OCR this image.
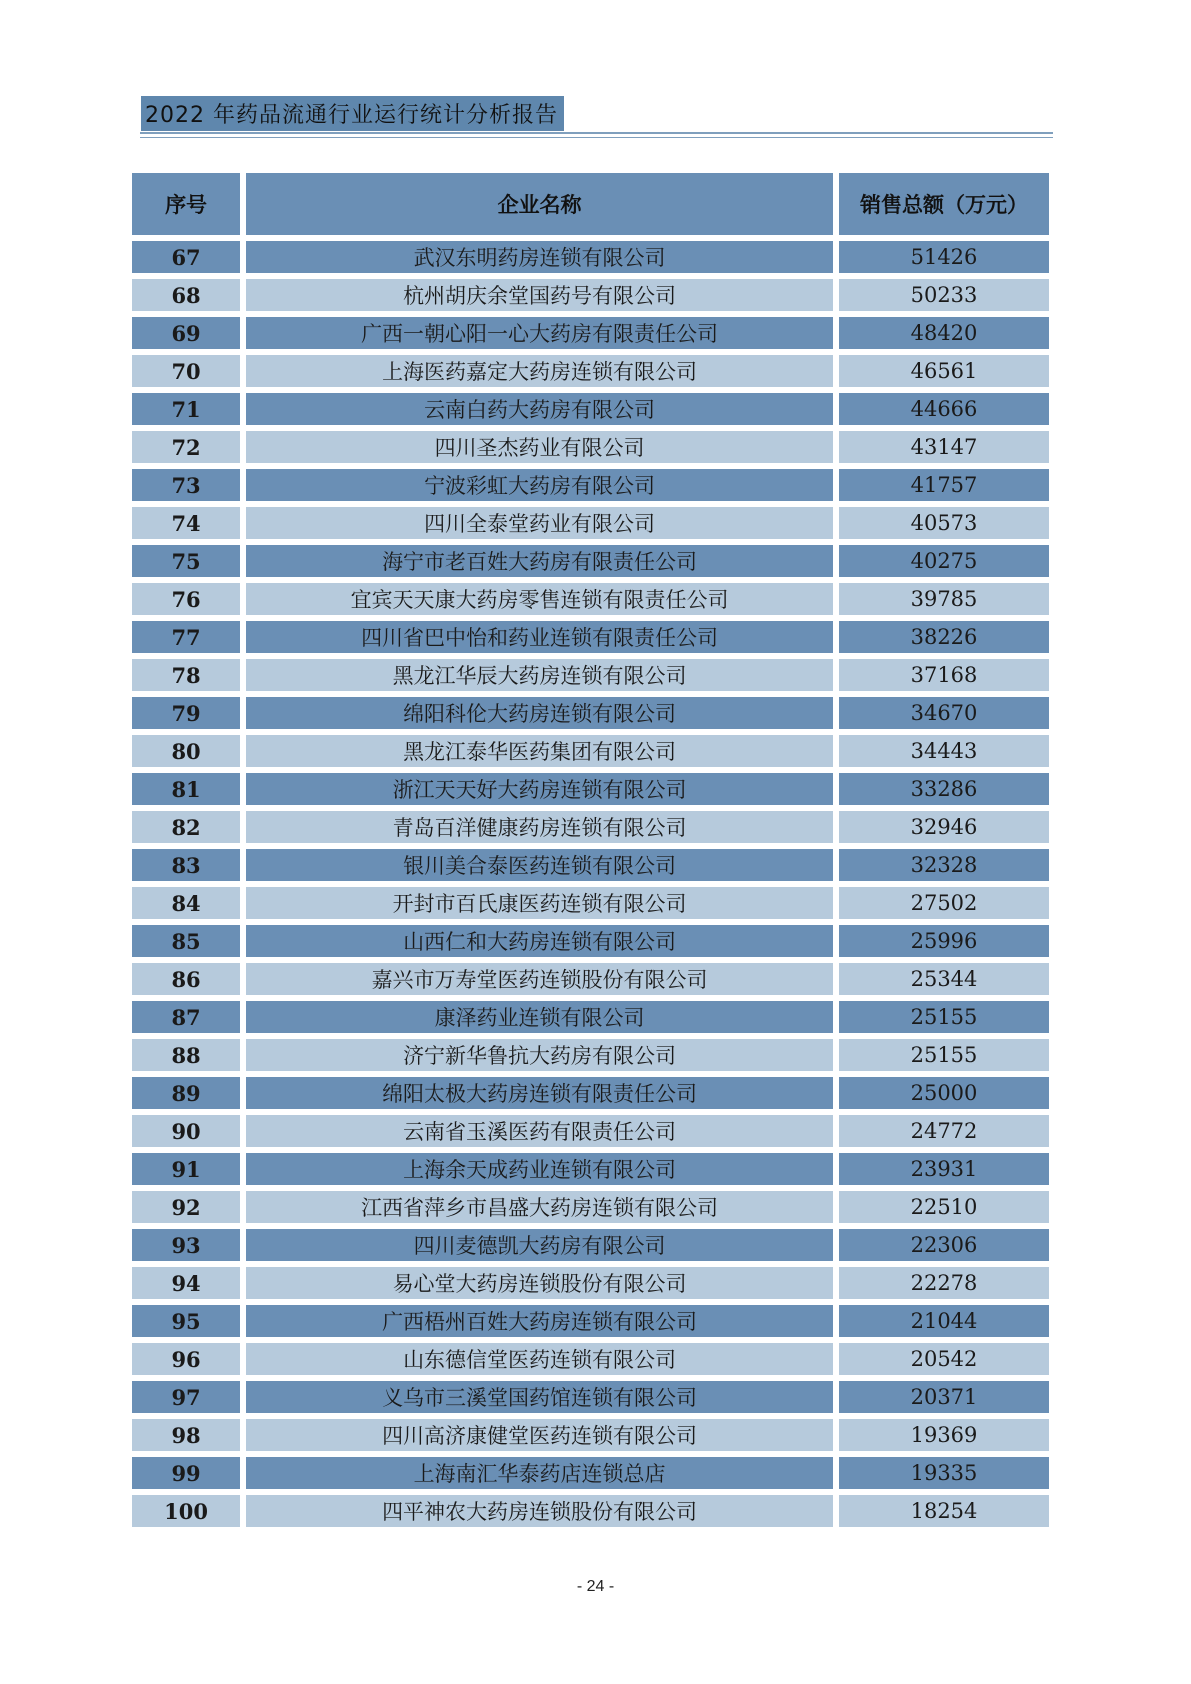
2022 年药品流通行业运行统计分析报告
序号	企业名称	销售总额（万元）
67	武汉东明药房连锁有限公司	51426
68	杭州胡庆余堂国药号有限公司	50233
69	广西一朝心阳一心大药房有限责任公司	48420
70	上海医药嘉定大药房连锁有限公司	46561
71	云南白药大药房有限公司	44666
72	四川圣杰药业有限公司	43147
73	宁波彩虹大药房有限公司	41757
74	四川全泰堂药业有限公司	40573
75	海宁市老百姓大药房有限责任公司	40275
76	宜宾天天康大药房零售连锁有限责任公司	39785
77	四川省巴中怡和药业连锁有限责任公司	38226
78	黑龙江华辰大药房连锁有限公司	37168
79	绵阳科伦大药房连锁有限公司	34670
80	黑龙江泰华医药集团有限公司	34443
81	浙江天天好大药房连锁有限公司	33286
82	青岛百洋健康药房连锁有限公司	32946
83	银川美合泰医药连锁有限公司	32328
84	开封市百氏康医药连锁有限公司	27502
85	山西仁和大药房连锁有限公司	25996
86	嘉兴市万寿堂医药连锁股份有限公司	25344
87	康泽药业连锁有限公司	25155
88	济宁新华鲁抗大药房有限公司	25155
89	绵阳太极大药房连锁有限责任公司	25000
90	云南省玉溪医药有限责任公司	24772
91	上海余天成药业连锁有限公司	23931
92	江西省萍乡市昌盛大药房连锁有限公司	22510
93	四川麦德凯大药房有限公司	22306
94	易心堂大药房连锁股份有限公司	22278
95	广西梧州百姓大药房连锁有限公司	21044
96	山东德信堂医药连锁有限公司	20542
97	义乌市三溪堂国药馆连锁有限公司	20371
98	四川高济康健堂医药连锁有限公司	19369
99	上海南汇华泰药店连锁总店	19335
100	四平神农大药房连锁股份有限公司	18254
- 24 -
